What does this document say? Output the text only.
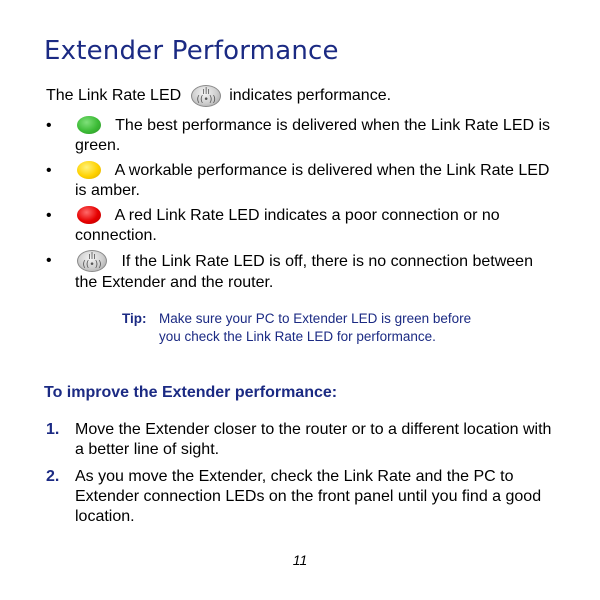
Extender Performance
The Link Rate LED	ılı
((•)) indicates performance.
•	The best performance is delivered when the Link Rate LED is green.
•	A workable performance is delivered when the Link Rate LED is amber.
•	A red Link Rate LED indicates a poor connection or no connection.
•	ılı
((•)) If the Link Rate LED is off, there is no connection between the Extender and the router.
Tip: Make sure your PC to Extender LED is green before you check the Link Rate LED for performance.
To improve the Extender performance:
1. Move the Extender closer to the router or to a different location with a better line of sight.
2. As you move the Extender, check the Link Rate and the PC to Extender connection LEDs on the front panel until you find a good location.
11
